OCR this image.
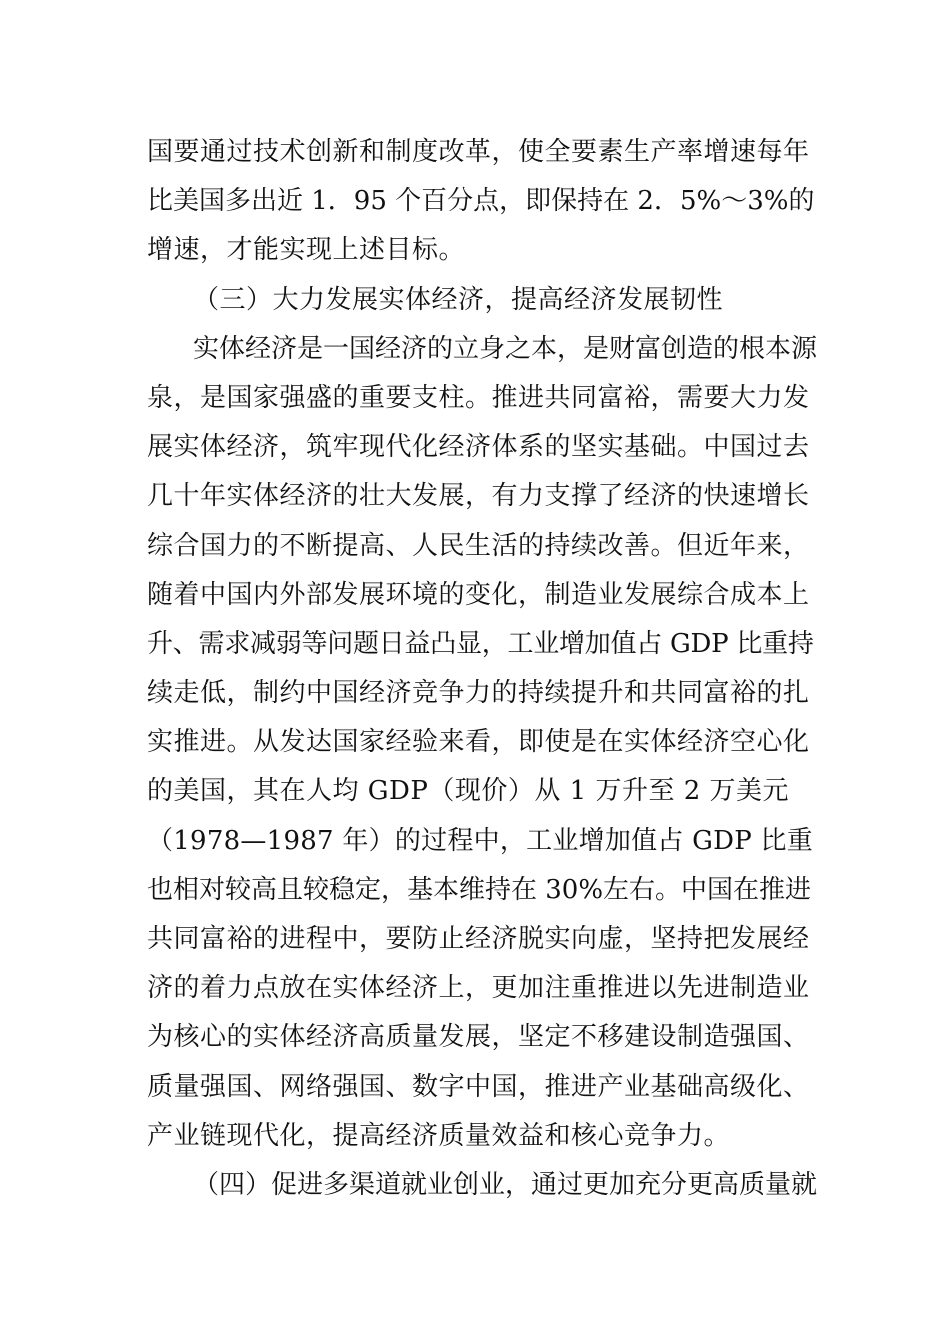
国要通过技术创新和制度改革，使全要素生产率增速每年
比美国多出近 1．95 个百分点，即保持在 2．5%～3%的
增速，才能实现上述目标。
（三）大力发展实体经济，提高经济发展韧性
实体经济是一国经济的立身之本，是财富创造的根本源
泉，是国家强盛的重要支柱。推进共同富裕，需要大力发
展实体经济，筑牢现代化经济体系的坚实基础。中国过去
几十年实体经济的壮大发展，有力支撑了经济的快速增长
综合国力的不断提高、人民生活的持续改善。但近年来，
随着中国内外部发展环境的变化，制造业发展综合成本上
升、需求减弱等问题日益凸显，工业增加值占 GDP 比重持
续走低，制约中国经济竞争力的持续提升和共同富裕的扎
实推进。从发达国家经验来看，即使是在实体经济空心化
的美国，其在人均 GDP（现价）从 1 万升至 2 万美元
（1978—1987 年）的过程中，工业增加值占 GDP 比重
也相对较高且较稳定，基本维持在 30%左右。中国在推进
共同富裕的进程中，要防止经济脱实向虚，坚持把发展经
济的着力点放在实体经济上，更加注重推进以先进制造业
为核心的实体经济高质量发展，坚定不移建设制造强国、
质量强国、网络强国、数字中国，推进产业基础高级化、
产业链现代化，提高经济质量效益和核心竞争力。
（四）促进多渠道就业创业，通过更加充分更高质量就
